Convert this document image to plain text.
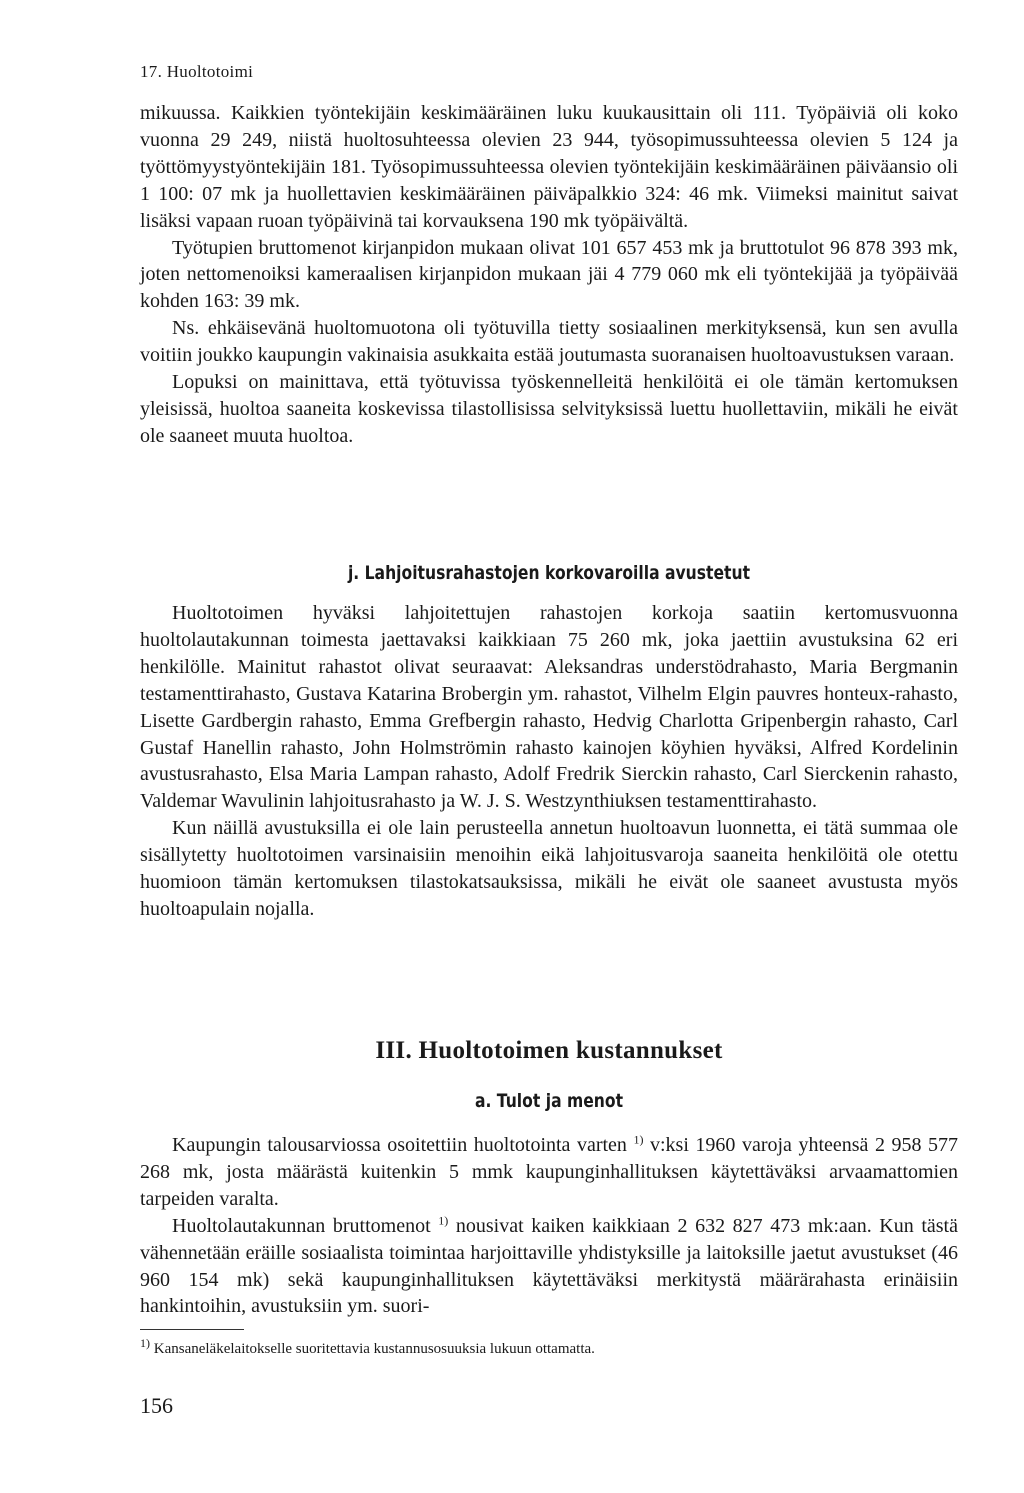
17. Huoltotoimi

mikuussa. Kaikkien työntekijäin keskimääräinen luku kuukausittain oli 111. Työpäiviä oli koko vuonna 29 249, niistä huoltosuhteessa olevien 23 944, työsopimussuhteessa olevien 5 124 ja työttömyystyöntekijäin 181. Työsopimussuhteessa olevien työntekijäin keskimääräinen päiväansio oli 1 100: 07 mk ja huollettavien keskimääräinen päiväpalkkio 324: 46 mk. Viimeksi mainitut saivat lisäksi vapaan ruoan työpäivinä tai korvauksena 190 mk työpäivältä.

Työtupien bruttomenot kirjanpidon mukaan olivat 101 657 453 mk ja bruttotulot 96 878 393 mk, joten nettomenoiksi kameraalisen kirjanpidon mukaan jäi 4 779 060 mk eli työntekijää ja työpäivää kohden 163: 39 mk.

Ns. ehkäisevänä huoltomuotona oli työtuvilla tietty sosiaalinen merkityksensä, kun sen avulla voitiin joukko kaupungin vakinaisia asukkaita estää joutumasta suoranaisen huoltoavustuksen varaan.

Lopuksi on mainittava, että työtuvissa työskennelleitä henkilöitä ei ole tämän kertomuksen yleisissä, huoltoa saaneita koskevissa tilastollisissa selvityksissä luettu huollettaviin, mikäli he eivät ole saaneet muuta huoltoa.

j. Lahjoitusrahastojen korkovaroilla avustetut

Huoltotoimen hyväksi lahjoitettujen rahastojen korkoja saatiin kertomusvuonna huoltolautakunnan toimesta jaettavaksi kaikkiaan 75 260 mk, joka jaettiin avustuksina 62 eri henkilölle. Mainitut rahastot olivat seuraavat: Aleksandras understödrahasto, Maria Bergmanin testamenttirahasto, Gustava Katarina Brobergin ym. rahastot, Vilhelm Elgin pauvres honteux-rahasto, Lisette Gardbergin rahasto, Emma Grefbergin rahasto, Hedvig Charlotta Gripenbergin rahasto, Carl Gustaf Hanellin rahasto, John Holmströmin rahasto kainojen köyhien hyväksi, Alfred Kordelinin avustusrahasto, Elsa Maria Lampan rahasto, Adolf Fredrik Sierckin rahasto, Carl Sierckenin rahasto, Valdemar Wavulinin lahjoitusrahasto ja W. J. S. Westzynthiuksen testamenttirahasto.

Kun näillä avustuksilla ei ole lain perusteella annetun huoltoavun luonnetta, ei tätä summaa ole sisällytetty huoltotoimen varsinaisiin menoihin eikä lahjoitusvaroja saaneita henkilöitä ole otettu huomioon tämän kertomuksen tilastokatsauksissa, mikäli he eivät ole saaneet avustusta myös huoltoapulain nojalla.

III. Huoltotoimen kustannukset
a. Tulot ja menot

Kaupungin talousarviossa osoitettiin huoltotointa varten $^{1)}$ v:ksi 1960 varoja yhteensä 2 958 577 268 mk, josta määrästä kuitenkin 5 mmk kaupunginhallituksen käytettäväksi arvaamattomien tarpeiden varalta.

Huoltolautakunnan bruttomenot $^{1)}$ nousivat kaiken kaikkiaan 2 632 827 473 mk:aan. Kun tästä vähennetään eräille sosiaalista toimintaa harjoittaville yhdistyksille ja laitoksille jaetut avustukset (46 960 154 mk) sekä kaupunginhallituksen käytettäväksi merkitystä määrärahasta erinäisiin hankintoihin, avustuksiin ym. suori-

$^{1)}$ Kansaneläkelaitokselle suoritettavia kustannusosuuksia lukuun ottamatta.
156
